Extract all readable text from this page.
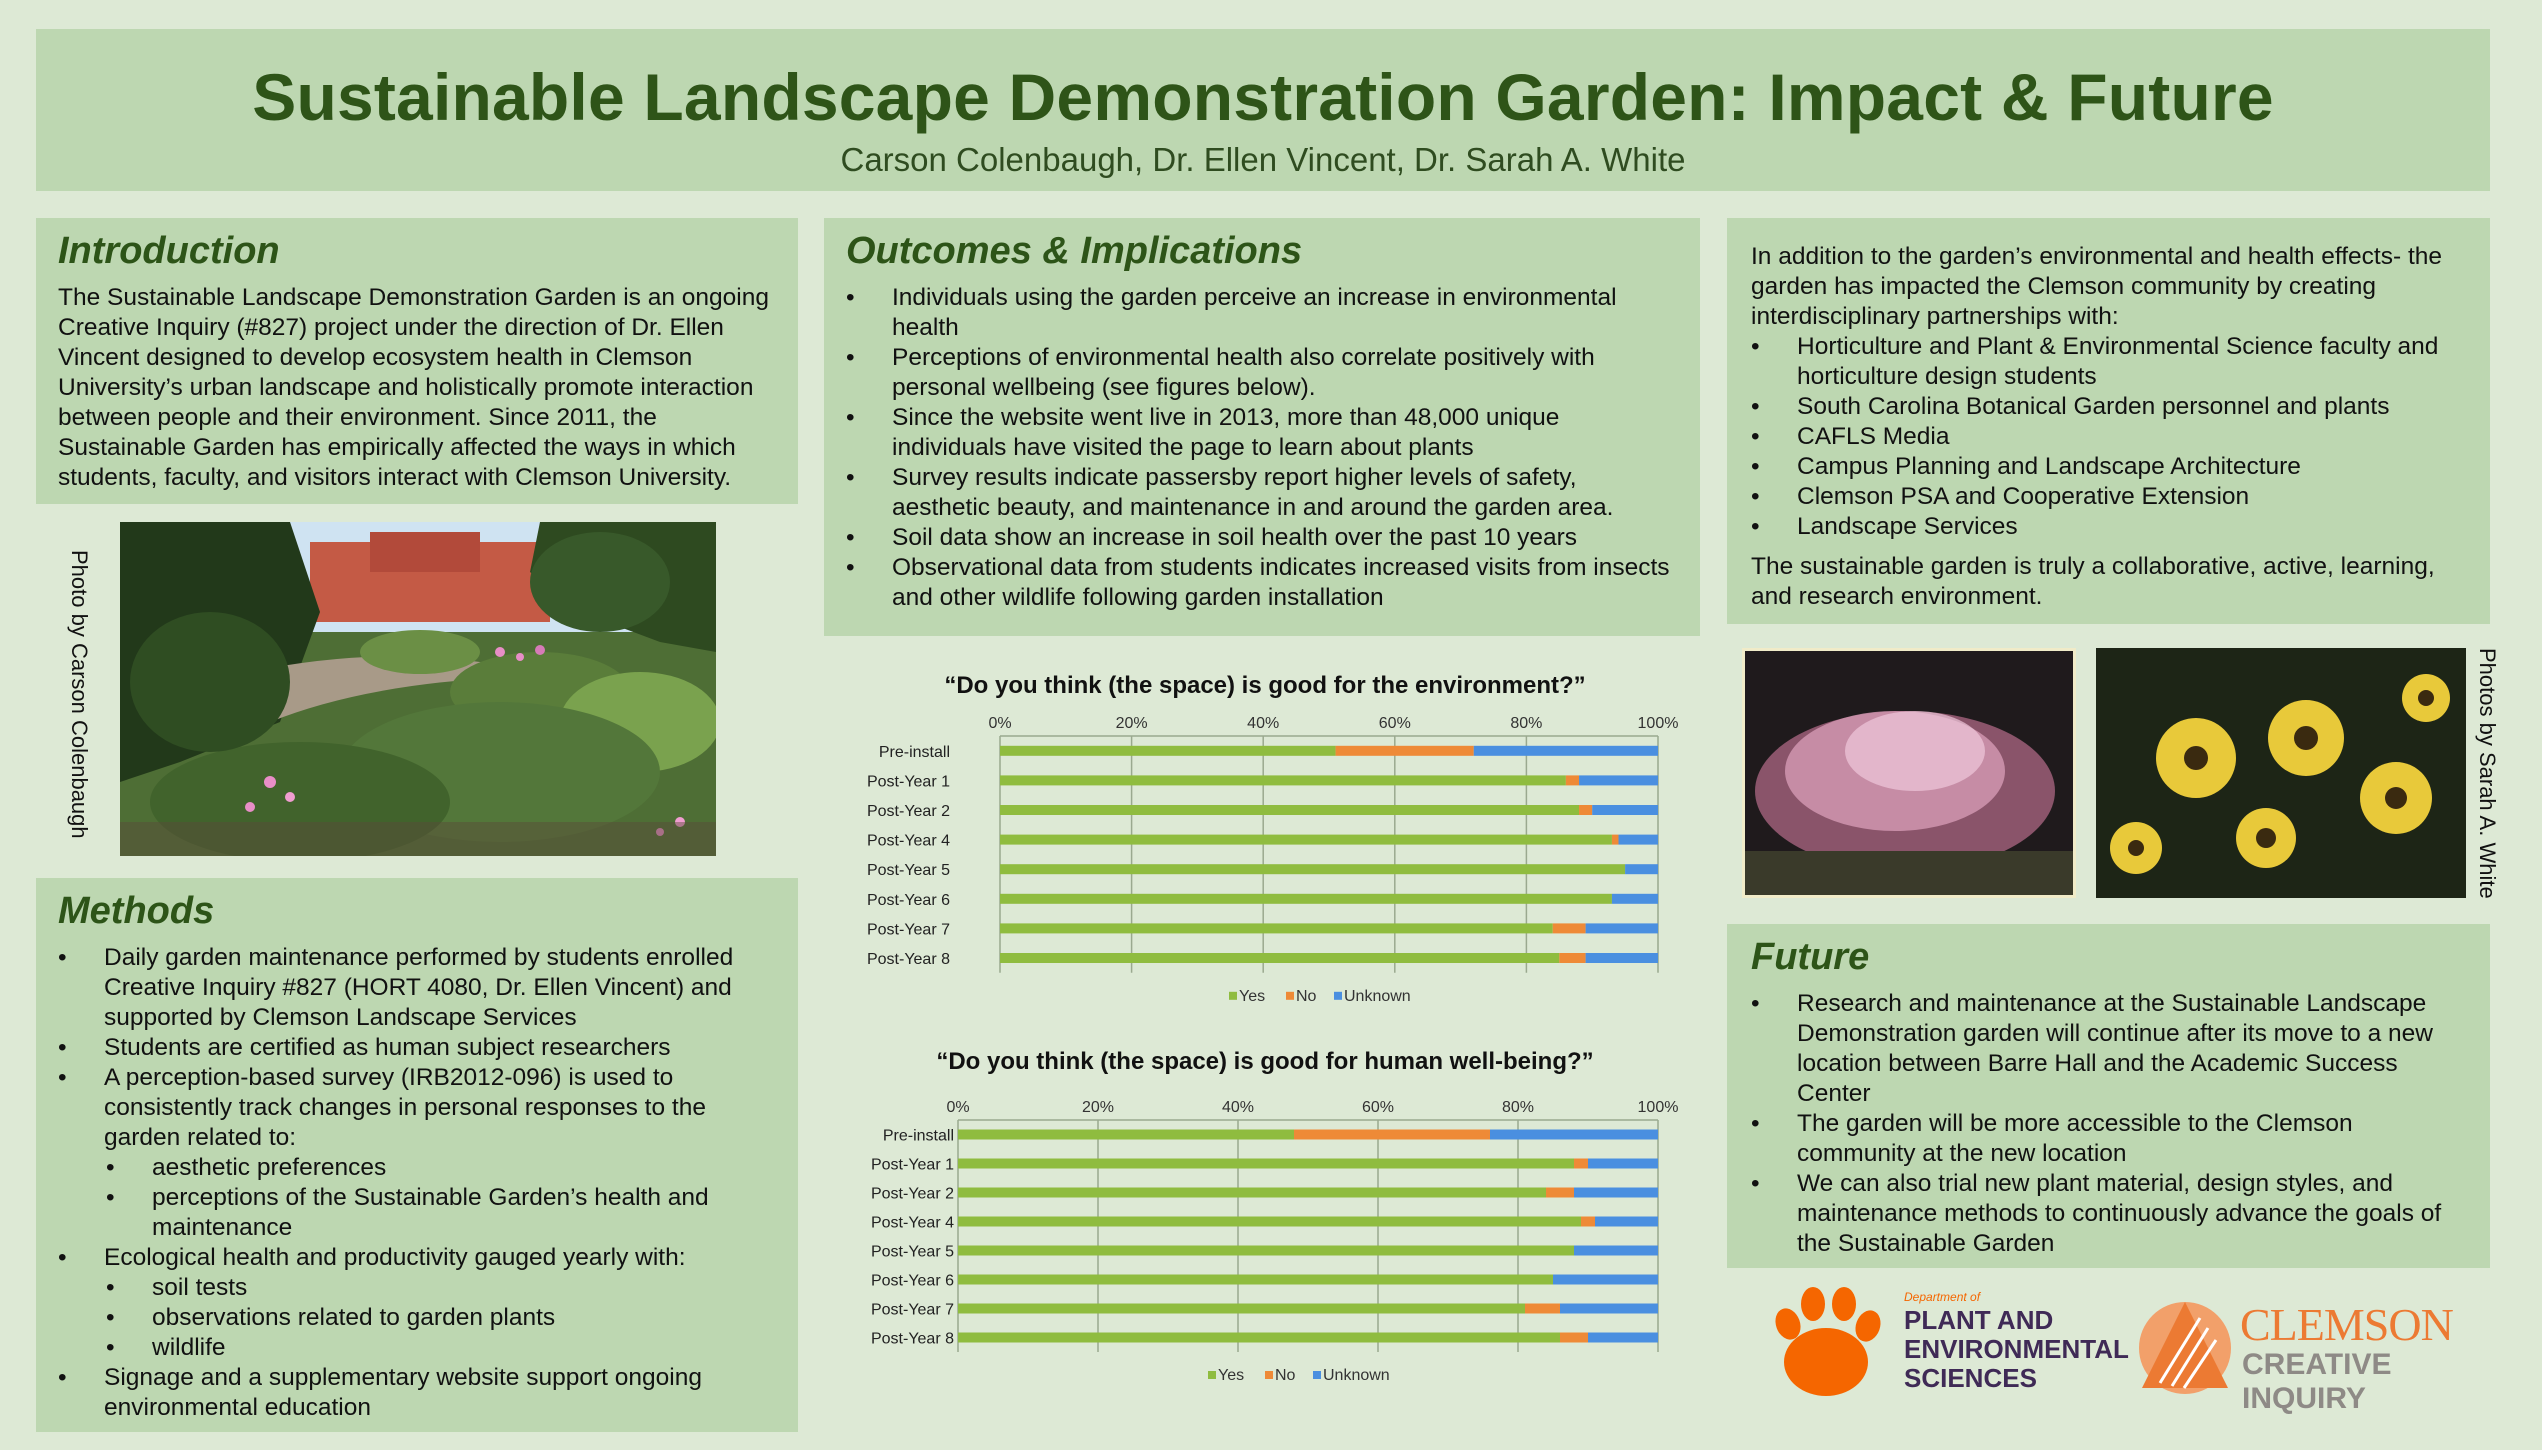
Sustainable Landscape Demonstration Garden: Impact & Future
Carson Colenbaugh, Dr. Ellen Vincent, Dr. Sarah A. White
Introduction

The Sustainable Landscape Demonstration Garden is an ongoing Creative Inquiry (#827) project under the direction of Dr. Ellen Vincent designed to develop ecosystem health in Clemson University’s urban landscape and holistically promote interaction between people and their environment. Since 2011, the Sustainable Garden has empirically affected the ways in which students, faculty, and visitors interact with Clemson University.

Photo by Carson Colenbaugh
Methods
• Daily garden maintenance performed by students enrolled Creative Inquiry #827 (HORT 4080, Dr. Ellen Vincent) and supported by Clemson Landscape Services
• Students are certified as human subject researchers
• A perception-based survey (IRB2012-096) is used to consistently track changes in personal responses to the garden related to:
• aesthetic preferences
• perceptions of the Sustainable Garden’s health and maintenance
• Ecological health and productivity gauged yearly with:
• soil tests
• observations related to garden plants
• wildlife
• Signage and a supplementary website support ongoing environmental education
Outcomes & Implications
• Individuals using the garden perceive an increase in environmental health
• Perceptions of environmental health also correlate positively with personal wellbeing (see figures below).
• Since the website went live in 2013, more than 48,000 unique individuals have visited the page to learn about plants
• Survey results indicate passersby report higher levels of safety, aesthetic beauty, and maintenance in and around the garden area.
• Soil data show an increase in soil health over the past 10 years
• Observational data from students indicates increased visits from insects and other wildlife following garden installation
“Do you think (the space) is good for the environment?”
0%	20%	40%	60%	80%	100%
Pre-install
Post-Year 1
Post-Year 2
Post-Year 4
Post-Year 5
Post-Year 6
Post-Year 7
Post-Year 8
Yes No Unknown
“Do you think (the space) is good for human well-being?”
0%	20%	40%	60%	80%	100%
Pre-install
Post-Year 1
Post-Year 2
Post-Year 4
Post-Year 5
Post-Year 6
Post-Year 7
Post-Year 8
Yes No Unknown

In addition to the garden’s environmental and health effects- the garden has impacted the Clemson community by creating interdisciplinary partnerships with:

• Horticulture and Plant & Environmental Science faculty and horticulture design students
• South Carolina Botanical Garden personnel and plants
• CAFLS Media
• Campus Planning and Landscape Architecture
• Clemson PSA and Cooperative Extension
• Landscape Services

The sustainable garden is truly a collaborative, active, learning, and research environment.

Photos by Sarah A. White
Future
• Research and maintenance at the Sustainable Landscape Demonstration garden will continue after its move to a new location between Barre Hall and the Academic Success Center
• The garden will be more accessible to the Clemson community at the new location
• We can also trial new plant material, design styles, and maintenance methods to continuously advance the goals of the Sustainable Garden
Department of
PLANT AND
ENVIRONMENTAL
SCIENCES
CLEMSON
CREATIVE INQUIRY
